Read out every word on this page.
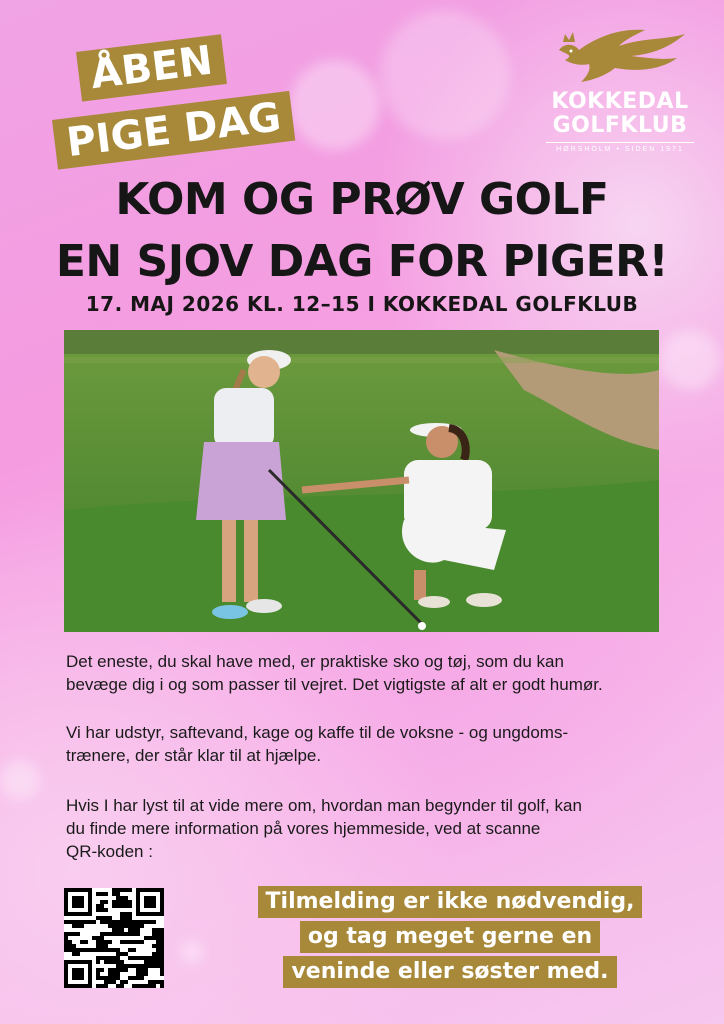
ÅBEN
PIGE DAG	KOKKEDAL
GOLFKLUB
HØRSHOLM • SIDEN 1971
KOM OG PRØV GOLF
EN SJOV DAG FOR PIGER!
17. MAJ 2026 KL. 12–15 I KOKKEDAL GOLFKLUB

Det eneste, du skal have med, er praktiske sko og tøj, som du kan
bevæge dig i og som passer til vejret. Det vigtigste af alt er godt humør.

Vi har udstyr, saftevand, kage og kaffe til de voksne - og ungdoms-
trænere, der står klar til at hjælpe.

Hvis I har lyst til at vide mere om, hvordan man begynder til golf, kan
du finde mere information på vores hjemmeside, ved at scanne
QR-koden :

Tilmelding er ikke nødvendig,
og tag meget gerne en
veninde eller søster med.
